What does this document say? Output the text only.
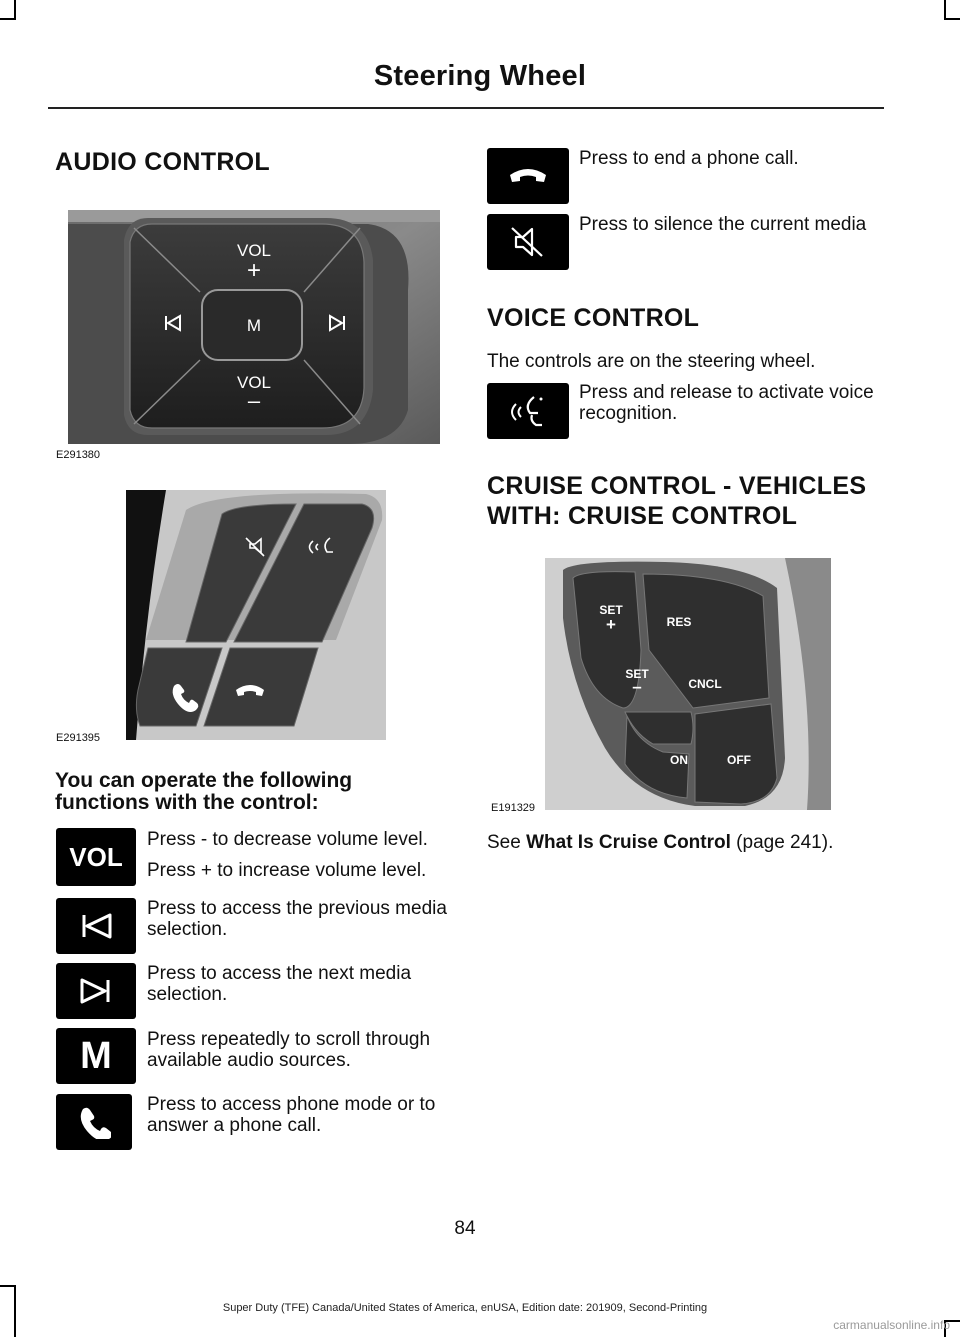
Steering Wheel
AUDIO CONTROL
VOL
+
M
VOL
–
E291380
E291395
You can operate the following functions with the control:
VOL

Press - to decrease volume level.

Press + to increase volume level.

Press to access the previous media selection.
Press to access the next media selection.
M Press repeatedly to scroll through available audio sources.
Press to access phone mode or to answer a phone call.
Press to end a phone call.
Press to silence the current media
VOICE CONTROL
The controls are on the steering wheel.
Press and release to activate voice recognition.
CRUISE CONTROL - VEHICLES
WITH: CRUISE CONTROL
SET
+	RES
SET
–	CNCL
ON	OFF
E191329
See What Is Cruise Control (page 241).
84
Super Duty (TFE) Canada/United States of America, enUSA, Edition date: 201909, Second-Printing
carmanualsonline.info
